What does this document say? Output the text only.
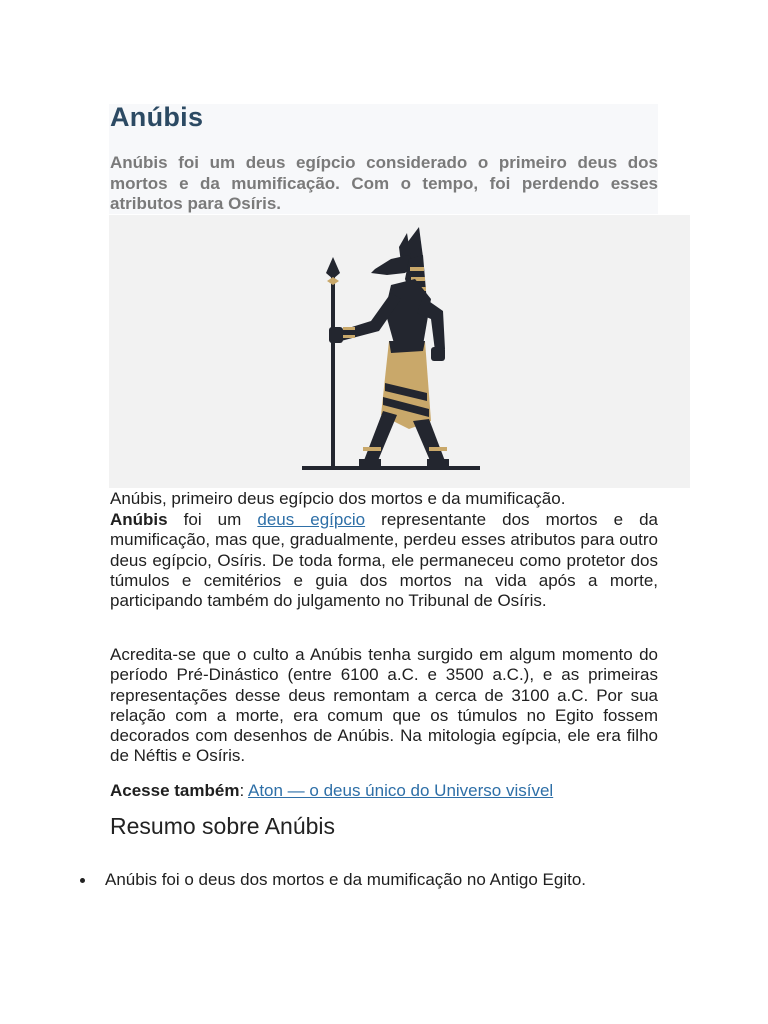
Anúbis

Anúbis foi um deus egípcio considerado o primeiro deus dos mortos e da mumificação. Com o tempo, foi perdendo esses atributos para Osíris.

Anúbis, primeiro deus egípcio dos mortos e da mumificação.

Anúbis foi um deus egípcio representante dos mortos e da mumificação, mas que, gradualmente, perdeu esses atributos para outro deus egípcio, Osíris. De toda forma, ele permaneceu como protetor dos túmulos e cemitérios e guia dos mortos na vida após a morte, participando também do julgamento no Tribunal de Osíris.

Acredita-se que o culto a Anúbis tenha surgido em algum momento do período Pré-Dinástico (entre 6100 a.C. e 3500 a.C.), e as primeiras representações desse deus remontam a cerca de 3100 a.C. Por sua relação com a morte, era comum que os túmulos no Egito fossem decorados com desenhos de Anúbis. Na mitologia egípcia, ele era filho de Néftis e Osíris.

Acesse também: Aton — o deus único do Universo visível

Resumo sobre Anúbis
Anúbis foi o deus dos mortos e da mumificação no Antigo Egito.
